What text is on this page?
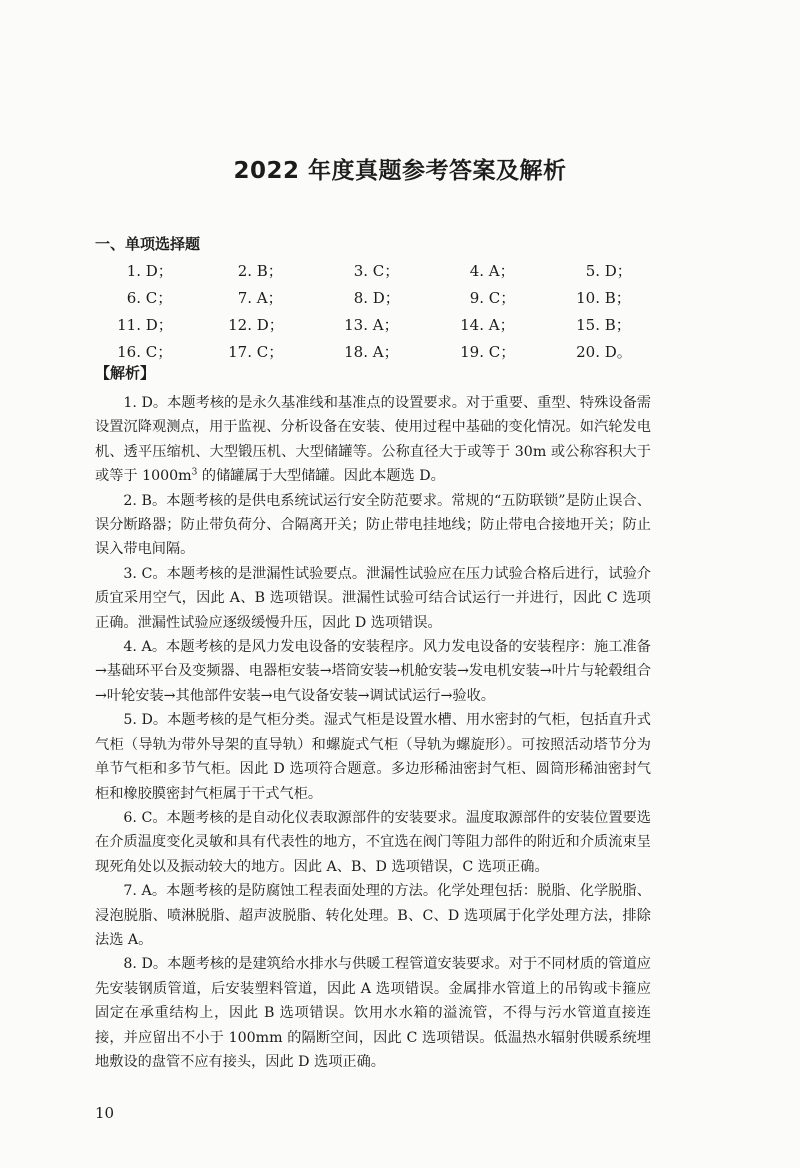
2022 年度真题参考答案及解析
一、单项选择题
1. D；	2. B；	3. C；	4. A；	5. D；
6. C；	7. A；	8. D；	9. C；	10. B；
11. D；	12. D；	13. A；	14. A；	15. B；
16. C；	17. C；	18. A；	19. C；	20. D。
【解析】

1. D。本题考核的是永久基准线和基准点的设置要求。对于重要、重型、特殊设备需设置沉降观测点，用于监视、分析设备在安装、使用过程中基础的变化情况。如汽轮发电机、透平压缩机、大型锻压机、大型储罐等。公称直径大于或等于 30m 或公称容积大于或等于 $1000m^3$ 的储罐属于大型储罐。因此本题选 D。

2. B。本题考核的是供电系统试运行安全防范要求。常规的“五防联锁”是防止误合、误分断路器；防止带负荷分、合隔离开关；防止带电挂地线；防止带电合接地开关；防止误入带电间隔。

3. C。本题考核的是泄漏性试验要点。泄漏性试验应在压力试验合格后进行，试验介质宜采用空气，因此 A、B 选项错误。泄漏性试验可结合试运行一并进行，因此 C 选项正确。泄漏性试验应逐级缓慢升压，因此 D 选项错误。

4. A。本题考核的是风力发电设备的安装程序。风力发电设备的安装程序：施工准备→基础环平台及变频器、电器柜安装→塔筒安装→机舱安装→发电机安装→叶片与轮毂组合→叶轮安装→其他部件安装→电气设备安装→调试试运行→验收。

5. D。本题考核的是气柜分类。湿式气柜是设置水槽、用水密封的气柜，包括直升式气柜（导轨为带外导架的直导轨）和螺旋式气柜（导轨为螺旋形）。可按照活动塔节分为单节气柜和多节气柜。因此 D 选项符合题意。多边形稀油密封气柜、圆筒形稀油密封气柜和橡胶膜密封气柜属于干式气柜。

6. C。本题考核的是自动化仪表取源部件的安装要求。温度取源部件的安装位置要选在介质温度变化灵敏和具有代表性的地方，不宜选在阀门等阻力部件的附近和介质流束呈现死角处以及振动较大的地方。因此 A、B、D 选项错误，C 选项正确。

7. A。本题考核的是防腐蚀工程表面处理的方法。化学处理包括：脱脂、化学脱脂、浸泡脱脂、喷淋脱脂、超声波脱脂、转化处理。B、C、D 选项属于化学处理方法，排除法选 A。

8. D。本题考核的是建筑给水排水与供暖工程管道安装要求。对于不同材质的管道应先安装钢质管道，后安装塑料管道，因此 A 选项错误。金属排水管道上的吊钩或卡箍应固定在承重结构上，因此 B 选项错误。饮用水水箱的溢流管，不得与污水管道直接连接，并应留出不小于 100mm 的隔断空间，因此 C 选项错误。低温热水辐射供暖系统埋地敷设的盘管不应有接头，因此 D 选项正确。

10
